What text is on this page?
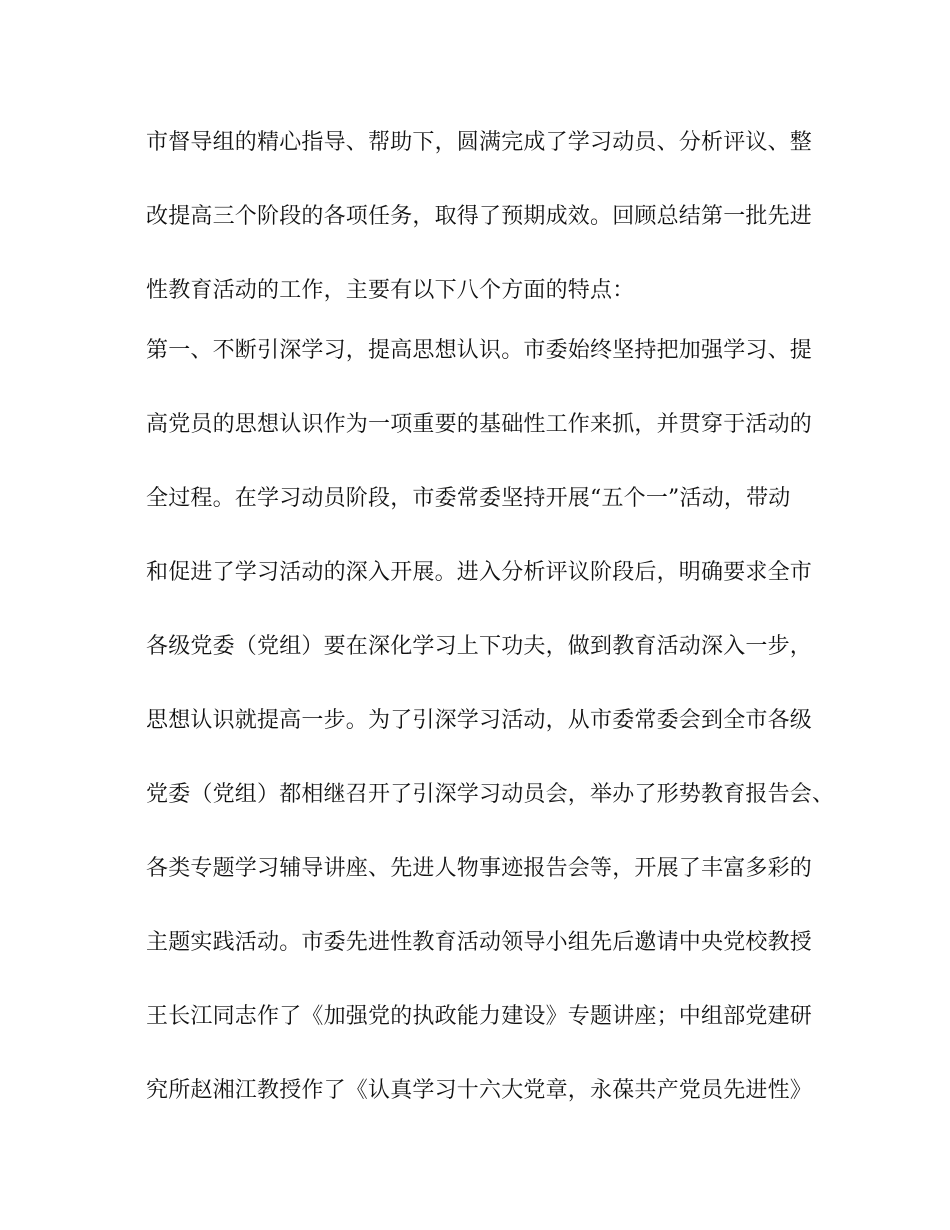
市督导组的精心指导、帮助下，圆满完成了学习动员、分析评议、整

改提高三个阶段的各项任务，取得了预期成效。回顾总结第一批先进

性教育活动的工作，主要有以下八个方面的特点：

第一、不断引深学习，提高思想认识。市委始终坚持把加强学习、提

高党员的思想认识作为一项重要的基础性工作来抓，并贯穿于活动的

全过程。在学习动员阶段，市委常委坚持开展“五个一”活动，带动

和促进了学习活动的深入开展。进入分析评议阶段后，明确要求全市

各级党委（党组）要在深化学习上下功夫，做到教育活动深入一步，

思想认识就提高一步。为了引深学习活动，从市委常委会到全市各级

党委（党组）都相继召开了引深学习动员会，举办了形势教育报告会、

各类专题学习辅导讲座、先进人物事迹报告会等，开展了丰富多彩的

主题实践活动。市委先进性教育活动领导小组先后邀请中央党校教授

王长江同志作了《加强党的执政能力建设》专题讲座；中组部党建研

究所赵湘江教授作了《认真学习十六大党章，永葆共产党员先进性》
